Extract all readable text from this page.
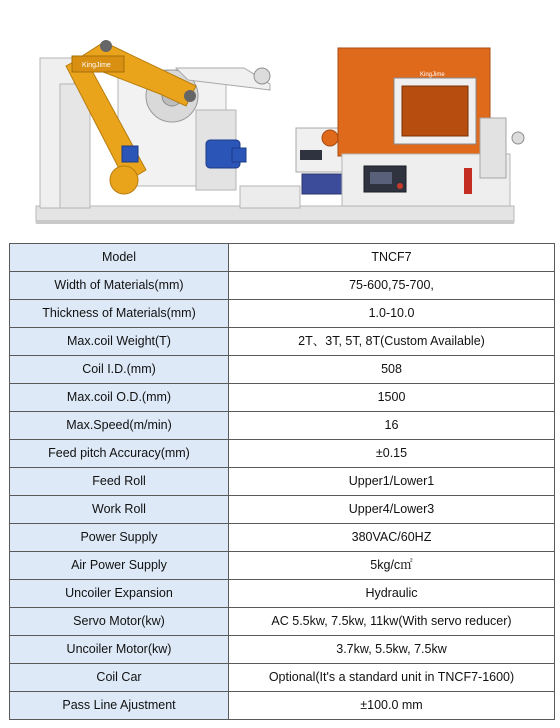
KingJime
KingJime
Model	TNCF7
Width of Materials(mm)	75-600,75-700,
Thickness of Materials(mm)	1.0-10.0
Max.coil Weight(T)	2T、3T, 5T, 8T(Custom Available)
Coil I.D.(mm)	508
Max.coil O.D.(mm)	1500
Max.Speed(m/min)	16
Feed pitch Accuracy(mm)	±0.15
Feed Roll	Upper1/Lower1
Work Roll	Upper4/Lower3
Power Supply	380VAC/60HZ
Air Power Supply	5kg/c㎡
Uncoiler Expansion	Hydraulic
Servo Motor(kw)	AC 5.5kw, 7.5kw, 11kw(With servo reducer)
Uncoiler Motor(kw)	3.7kw, 5.5kw, 7.5kw
Coil Car	Optional(It's a standard unit in TNCF7-1600)
Pass Line Ajustment	±100.0 mm
